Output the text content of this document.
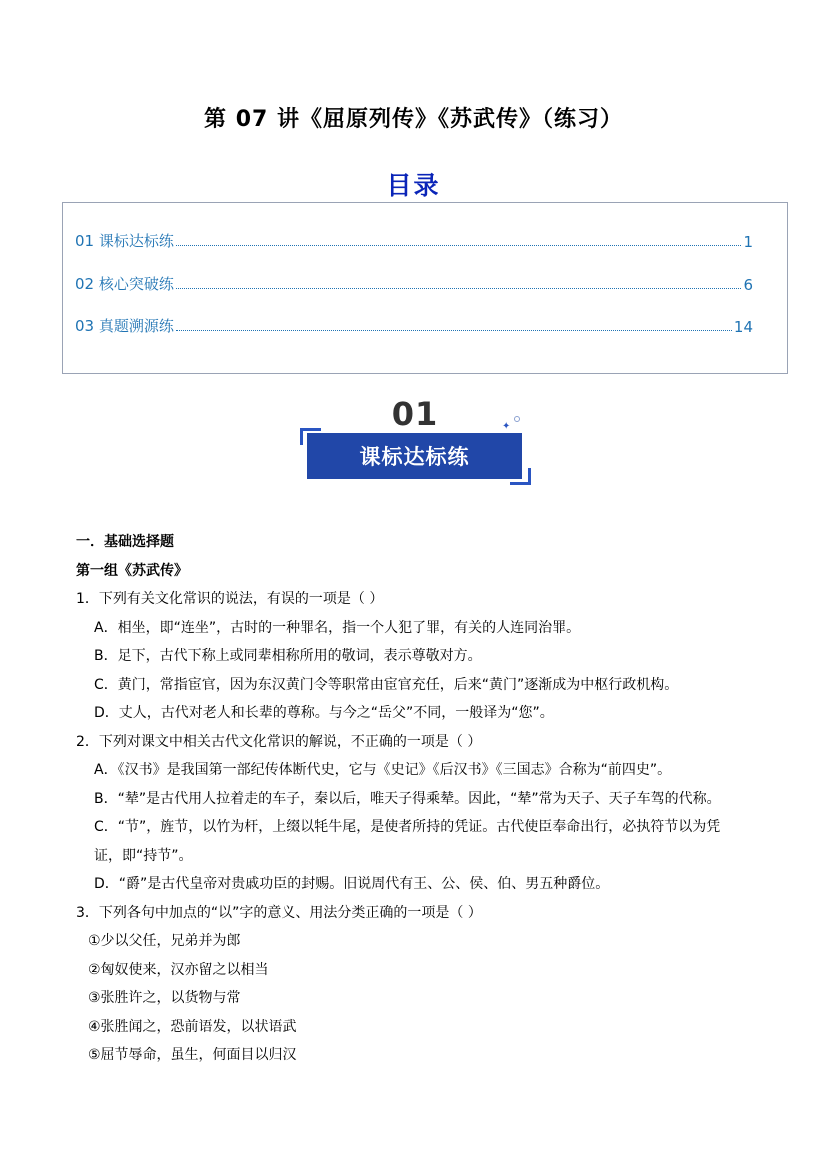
第 07 讲《屈原列传》《苏武传》（练习）
目录
01 课标达标练	1
02 核心突破练	6
03 真题溯源练	14
01
课标达标练
✦
一．基础选择题
第一组《苏武传》
1．下列有关文化常识的说法，有误的一项是（ ）
A．相坐，即“连坐”，古时的一种罪名，指一个人犯了罪，有关的人连同治罪。
B．足下，古代下称上或同辈相称所用的敬词，表示尊敬对方。
C．黄门，常指宦官，因为东汉黄门令等职常由宦官充任，后来“黄门”逐渐成为中枢行政机构。
D．丈人，古代对老人和长辈的尊称。与今之“岳父”不同，一般译为“您”。
2．下列对课文中相关古代文化常识的解说，不正确的一项是（ ）
A．《汉书》是我国第一部纪传体断代史，它与《史记》《后汉书》《三国志》合称为“前四史”。
B．“辇”是古代用人拉着走的车子，秦以后，唯天子得乘辇。因此，“辇”常为天子、天子车驾的代称。
C．“节”，旌节，以竹为杆，上缀以牦牛尾，是使者所持的凭证。古代使臣奉命出行，必执符节以为凭
证，即“持节”。
D．“爵”是古代皇帝对贵戚功臣的封赐。旧说周代有王、公、侯、伯、男五种爵位。
3．下列各句中加点的“以”字的意义、用法分类正确的一项是（ ）
①少以父任，兄弟并为郎
②匈奴使来，汉亦留之以相当
③张胜许之，以货物与常
④张胜闻之，恐前语发，以状语武
⑤屈节辱命，虽生，何面目以归汉
